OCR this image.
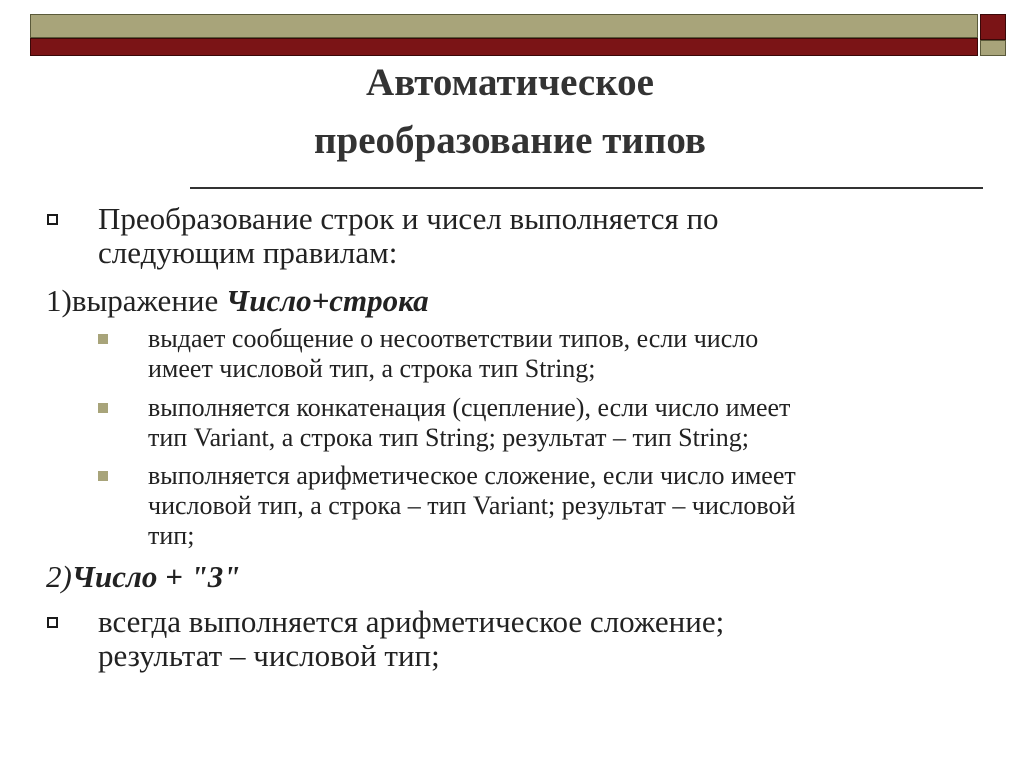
Автоматическое
преобразование типов
Преобразование строк и чисел выполняется по
следующим правилам:
1)выражение Число+строка
выдает сообщение о несоответствии типов, если число
имеет числовой тип, а строка тип String;
выполняется конкатенация (сцепление), если число имеет
тип Variant, а строка тип String; результат – тип String;
выполняется арифметическое сложение, если число имеет
числовой тип, а строка – тип Variant; результат – числовой
тип;
2)Число + "3"
всегда выполняется арифметическое сложение;
результат – числовой тип;
